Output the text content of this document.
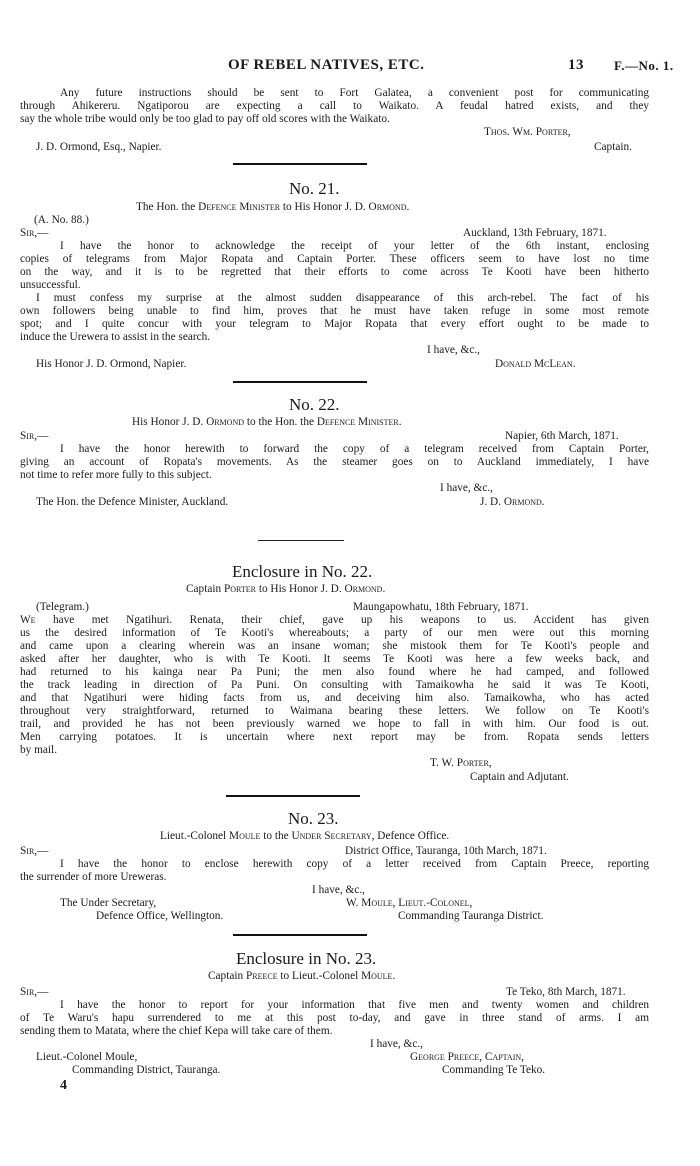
OF REBEL NATIVES, ETC.	13 F.—No. 1.
Any future instructions should be sent to Fort Galatea, a convenient post for communicating
through Ahikereru. Ngatiporou are expecting a call to Waikato. A feudal hatred exists, and they
say the whole tribe would only be too glad to pay off old scores with the Waikato.
Thos. Wm. Porter,
J. D. Ormond, Esq., Napier.	Captain.
No. 21.
The Hon. the Defence Minister to His Honor J. D. Ormond.
(A. No. 88.)
Sir,—	Auckland, 13th February, 1871.
I have the honor to acknowledge the receipt of your letter of the 6th instant, enclosing
copies of telegrams from Major Ropata and Captain Porter. These officers seem to have lost no time
on the way, and it is to be regretted that their efforts to come across Te Kooti have been hitherto
unsuccessful.
I must confess my surprise at the almost sudden disappearance of this arch-rebel. The fact of his
own followers being unable to find him, proves that he must have taken refuge in some most remote
spot; and I quite concur with your telegram to Major Ropata that every effort ought to be made to
induce the Urewera to assist in the search.
I have, &c.,
His Honor J. D. Ormond, Napier.	Donald McLean.
No. 22.
His Honor J. D. Ormond to the Hon. the Defence Minister.
Sir,—	Napier, 6th March, 1871.
I have the honor herewith to forward the copy of a telegram received from Captain Porter,
giving an account of Ropata's movements. As the steamer goes on to Auckland immediately, I have
not time to refer more fully to this subject.
I have, &c.,
The Hon. the Defence Minister, Auckland.	J. D. Ormond.
Enclosure in No. 22.
Captain Porter to His Honor J. D. Ormond.
(Telegram.)	Maungapowhatu, 18th February, 1871.
We have met Ngatihuri. Renata, their chief, gave up his weapons to us. Accident has given
us the desired information of Te Kooti's whereabouts; a party of our men were out this morning
and came upon a clearing wherein was an insane woman; she mistook them for Te Kooti's people and
asked after her daughter, who is with Te Kooti. It seems Te Kooti was here a few weeks back, and
had returned to his kainga near Pa Puni; the men also found where he had camped, and followed
the track leading in direction of Pa Puni. On consulting with Tamaikowha he said it was Te Kooti,
and that Ngatihuri were hiding facts from us, and deceiving him also. Tamaikowha, who has acted
throughout very straightforward, returned to Waimana bearing these letters. We follow on Te Kooti's
trail, and provided he has not been previously warned we hope to fall in with him. Our food is out.
Men carrying potatoes. It is uncertain where next report may be from. Ropata sends letters
by mail.
T. W. Porter,
Captain and Adjutant.
No. 23.
Lieut.-Colonel Moule to the Under Secretary, Defence Office.
Sir,—	District Office, Tauranga, 10th March, 1871.
I have the honor to enclose herewith copy of a letter received from Captain Preece, reporting
the surrender of more Ureweras.
I have, &c.,
The Under Secretary,	W. Moule, Lieut.-Colonel,
Defence Office, Wellington.	Commanding Tauranga District.
Enclosure in No. 23.
Captain Preece to Lieut.-Colonel Moule.
Sir,—	Te Teko, 8th March, 1871.
I have the honor to report for your information that five men and twenty women and children
of Te Waru's hapu surrendered to me at this post to-day, and gave in three stand of arms. I am
sending them to Matata, where the chief Kepa will take care of them.
I have, &c.,
Lieut.-Colonel Moule,	George Preece, Captain,
Commanding District, Tauranga.	Commanding Te Teko.
4
